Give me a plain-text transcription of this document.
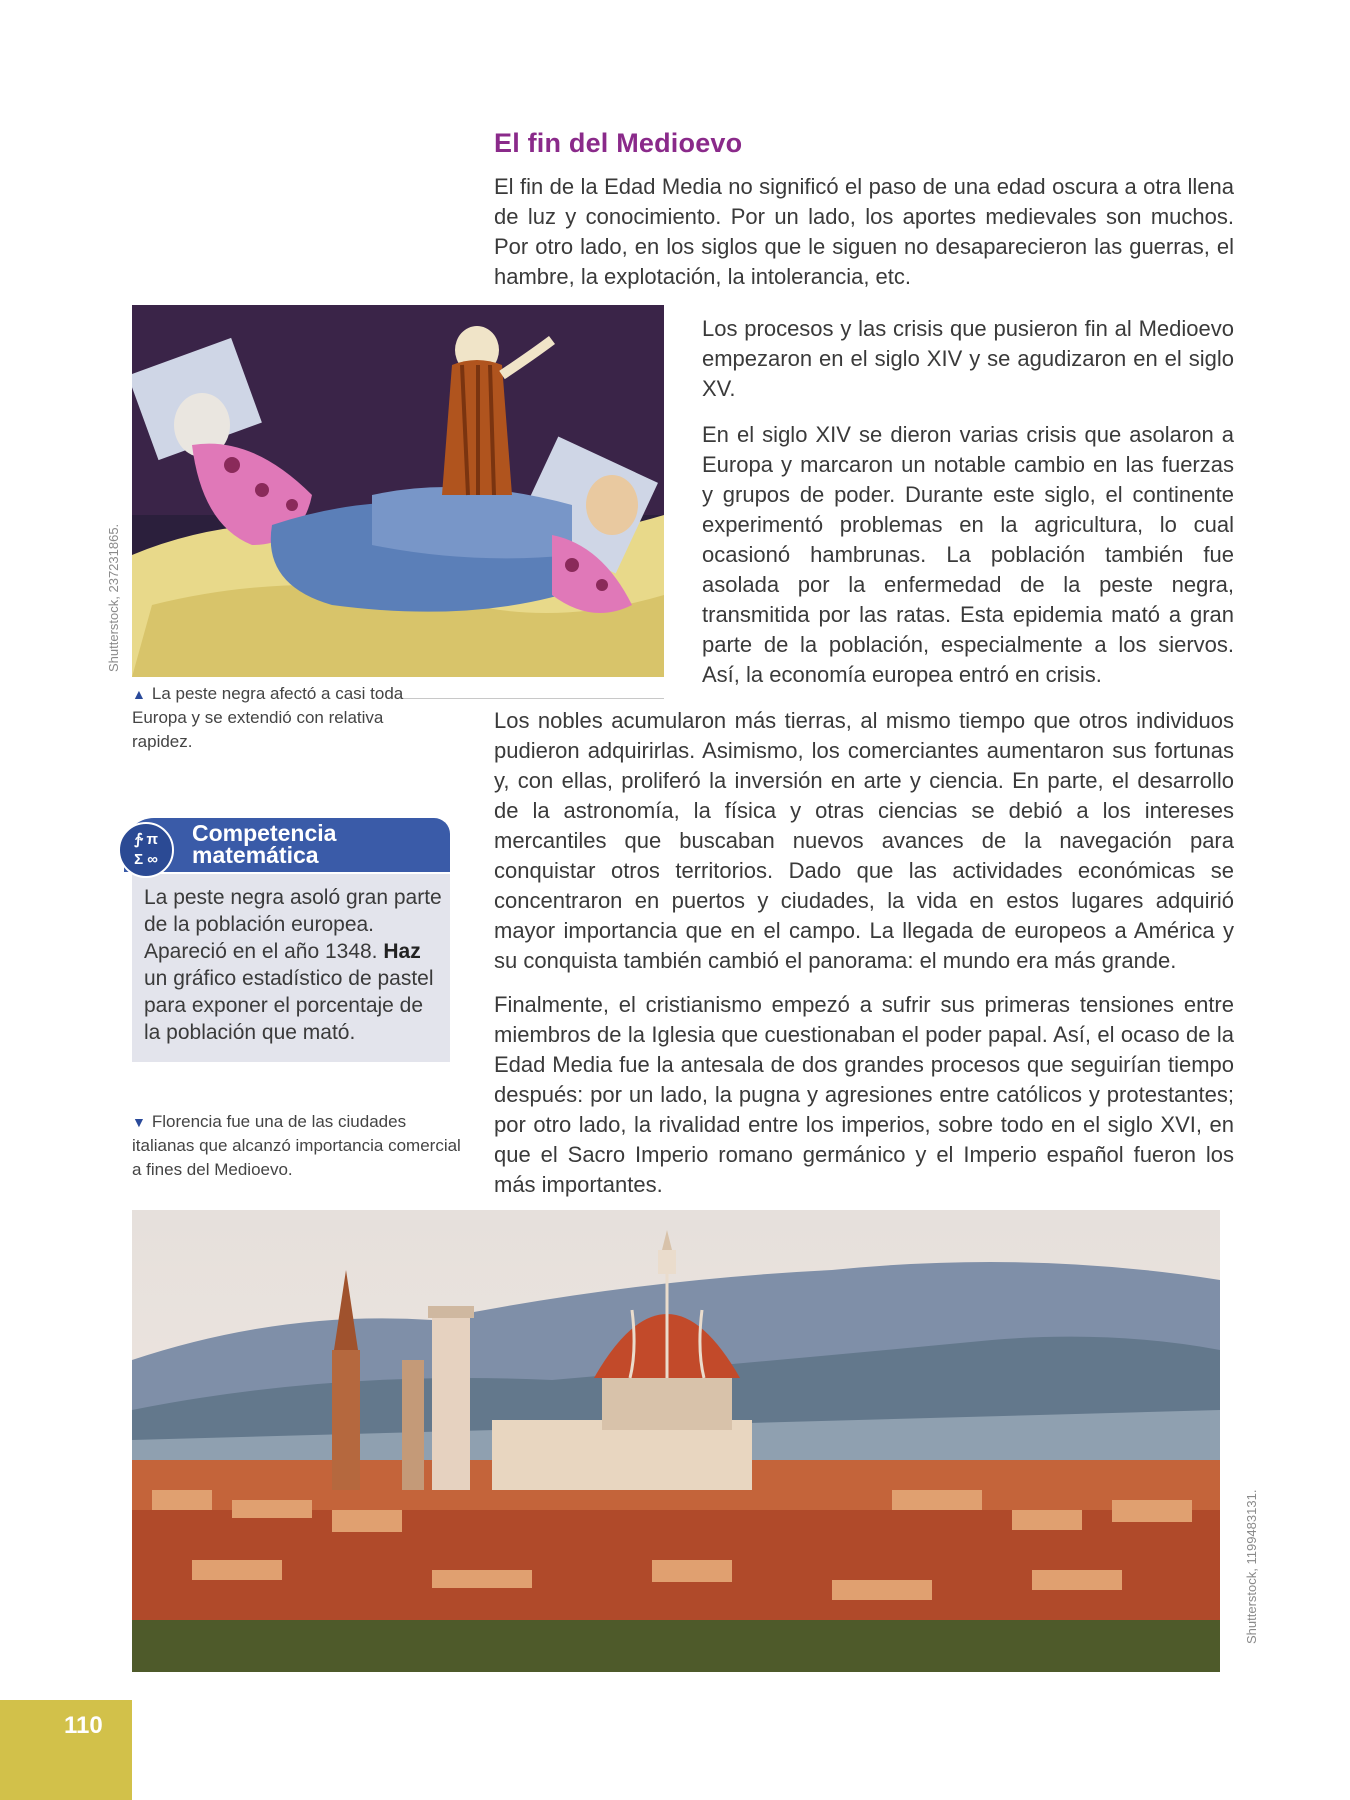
El fin del Medioevo

El fin de la Edad Media no significó el paso de una edad oscura a otra llena de luz y conocimiento. Por un lado, los aportes medievales son muchos. Por otro lado, en los siglos que le siguen no desaparecieron las guerras, el hambre, la explotación, la intolerancia, etc.

Los procesos y las crisis que pusieron fin al Medioevo empezaron en el siglo XIV y se agudizaron en el siglo XV.

En el siglo XIV se dieron varias crisis que asolaron a Europa y marcaron un notable cambio en las fuerzas y grupos de poder. Durante este siglo, el continente experimentó problemas en la agricultura, lo cual ocasionó hambrunas. La población también fue asolada por la enfermedad de la peste negra, transmitida por las ratas. Esta epidemia mató a gran parte de la población, especialmente a los siervos. Así, la economía europea entró en crisis.

Los nobles acumularon más tierras, al mismo tiempo que otros individuos pudieron adquirirlas. Asimismo, los comerciantes aumentaron sus fortunas y, con ellas, proliferó la inversión en arte y ciencia. En parte, el desarrollo de la astronomía, la física y otras ciencias se debió a los intereses mercantiles que buscaban nuevos avances de la navegación para conquistar otros territorios. Dado que las actividades económicas se concentraron en puertos y ciudades, la vida en estos lugares adquirió mayor importancia que en el campo. La llegada de europeos a América y su conquista también cambió el panorama: el mundo era más grande.

Finalmente, el cristianismo empezó a sufrir sus primeras tensiones entre miembros de la Iglesia que cuestionaban el poder papal. Así, el ocaso de la Edad Media fue la antesala de dos grandes procesos que seguirían tiempo después: por un lado, la pugna y agresiones entre católicos y protestantes; por otro lado, la rivalidad entre los imperios, sobre todo en el siglo XVI, en que el Sacro Imperio romano germánico y el Imperio español fueron los más importantes.

Shutterstock, 237231865.
▲ La peste negra afectó a casi toda Europa y se extendió con relativa rapidez.
∱ π
Σ ∞
Competencia
matemática
La peste negra asoló gran parte de la población europea. Apareció en el año 1348. Haz un gráfico estadístico de pastel para exponer el porcentaje de la población que mató.
▼ Florencia fue una de las ciudades italianas que alcanzó importancia comercial a fines del Medioevo.
Shutterstock, 1199483131.
110
